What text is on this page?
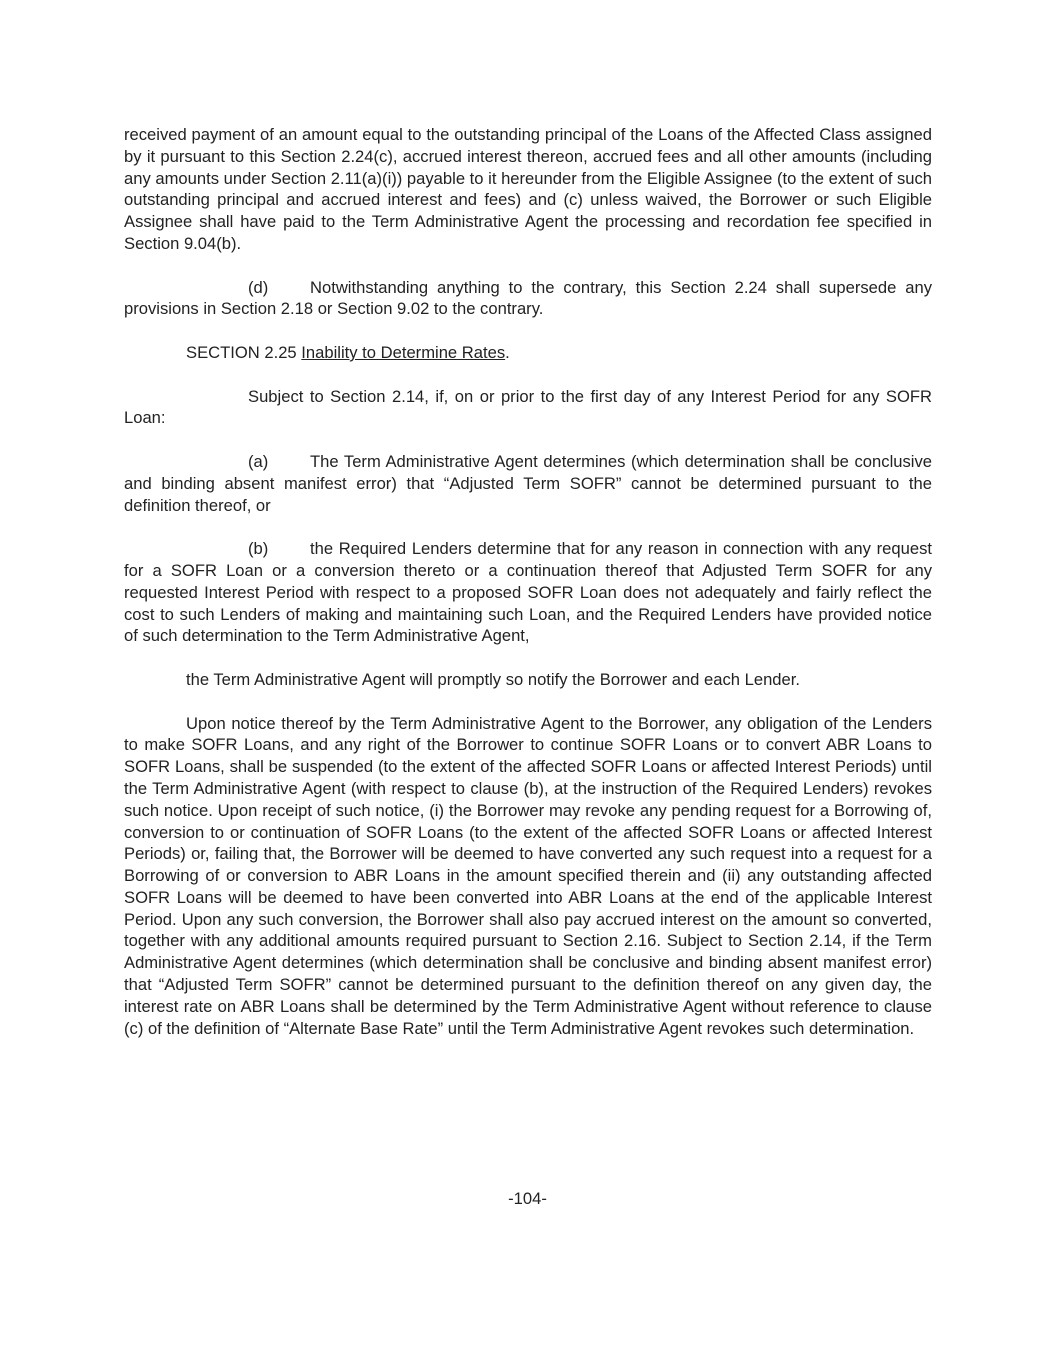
received payment of an amount equal to the outstanding principal of the Loans of the Affected Class assigned by it pursuant to this Section 2.24(c), accrued interest thereon, accrued fees and all other amounts (including any amounts under Section 2.11(a)(i)) payable to it hereunder from the Eligible Assignee (to the extent of such outstanding principal and accrued interest and fees) and (c) unless waived, the Borrower or such Eligible Assignee shall have paid to the Term Administrative Agent the processing and recordation fee specified in Section 9.04(b).

(d)	Notwithstanding anything to the contrary, this Section 2.24 shall supersede any provisions in Section 2.18 or Section 9.02 to the contrary.

SECTION 2.25 Inability to Determine Rates.

Subject to Section 2.14, if, on or prior to the first day of any Interest Period for any SOFR Loan:

(a)	The Term Administrative Agent determines (which determination shall be conclusive and binding absent manifest error) that “Adjusted Term SOFR” cannot be determined pursuant to the definition thereof, or

(b)	the Required Lenders determine that for any reason in connection with any request for a SOFR Loan or a conversion thereto or a continuation thereof that Adjusted Term SOFR for any requested Interest Period with respect to a proposed SOFR Loan does not adequately and fairly reflect the cost to such Lenders of making and maintaining such Loan, and the Required Lenders have provided notice of such determination to the Term Administrative Agent,

the Term Administrative Agent will promptly so notify the Borrower and each Lender.

Upon notice thereof by the Term Administrative Agent to the Borrower, any obligation of the Lenders to make SOFR Loans, and any right of the Borrower to continue SOFR Loans or to convert ABR Loans to SOFR Loans, shall be suspended (to the extent of the affected SOFR Loans or affected Interest Periods) until the Term Administrative Agent (with respect to clause (b), at the instruction of the Required Lenders) revokes such notice. Upon receipt of such notice, (i) the Borrower may revoke any pending request for a Borrowing of, conversion to or continuation of SOFR Loans (to the extent of the affected SOFR Loans or affected Interest Periods) or, failing that, the Borrower will be deemed to have converted any such request into a request for a Borrowing of or conversion to ABR Loans in the amount specified therein and (ii) any outstanding affected SOFR Loans will be deemed to have been converted into ABR Loans at the end of the applicable Interest Period. Upon any such conversion, the Borrower shall also pay accrued interest on the amount so converted, together with any additional amounts required pursuant to Section 2.16. Subject to Section 2.14, if the Term Administrative Agent determines (which determination shall be conclusive and binding absent manifest error) that “Adjusted Term SOFR” cannot be determined pursuant to the definition thereof on any given day, the interest rate on ABR Loans shall be determined by the Term Administrative Agent without reference to clause (c) of the definition of “Alternate Base Rate” until the Term Administrative Agent revokes such determination.

-104-
